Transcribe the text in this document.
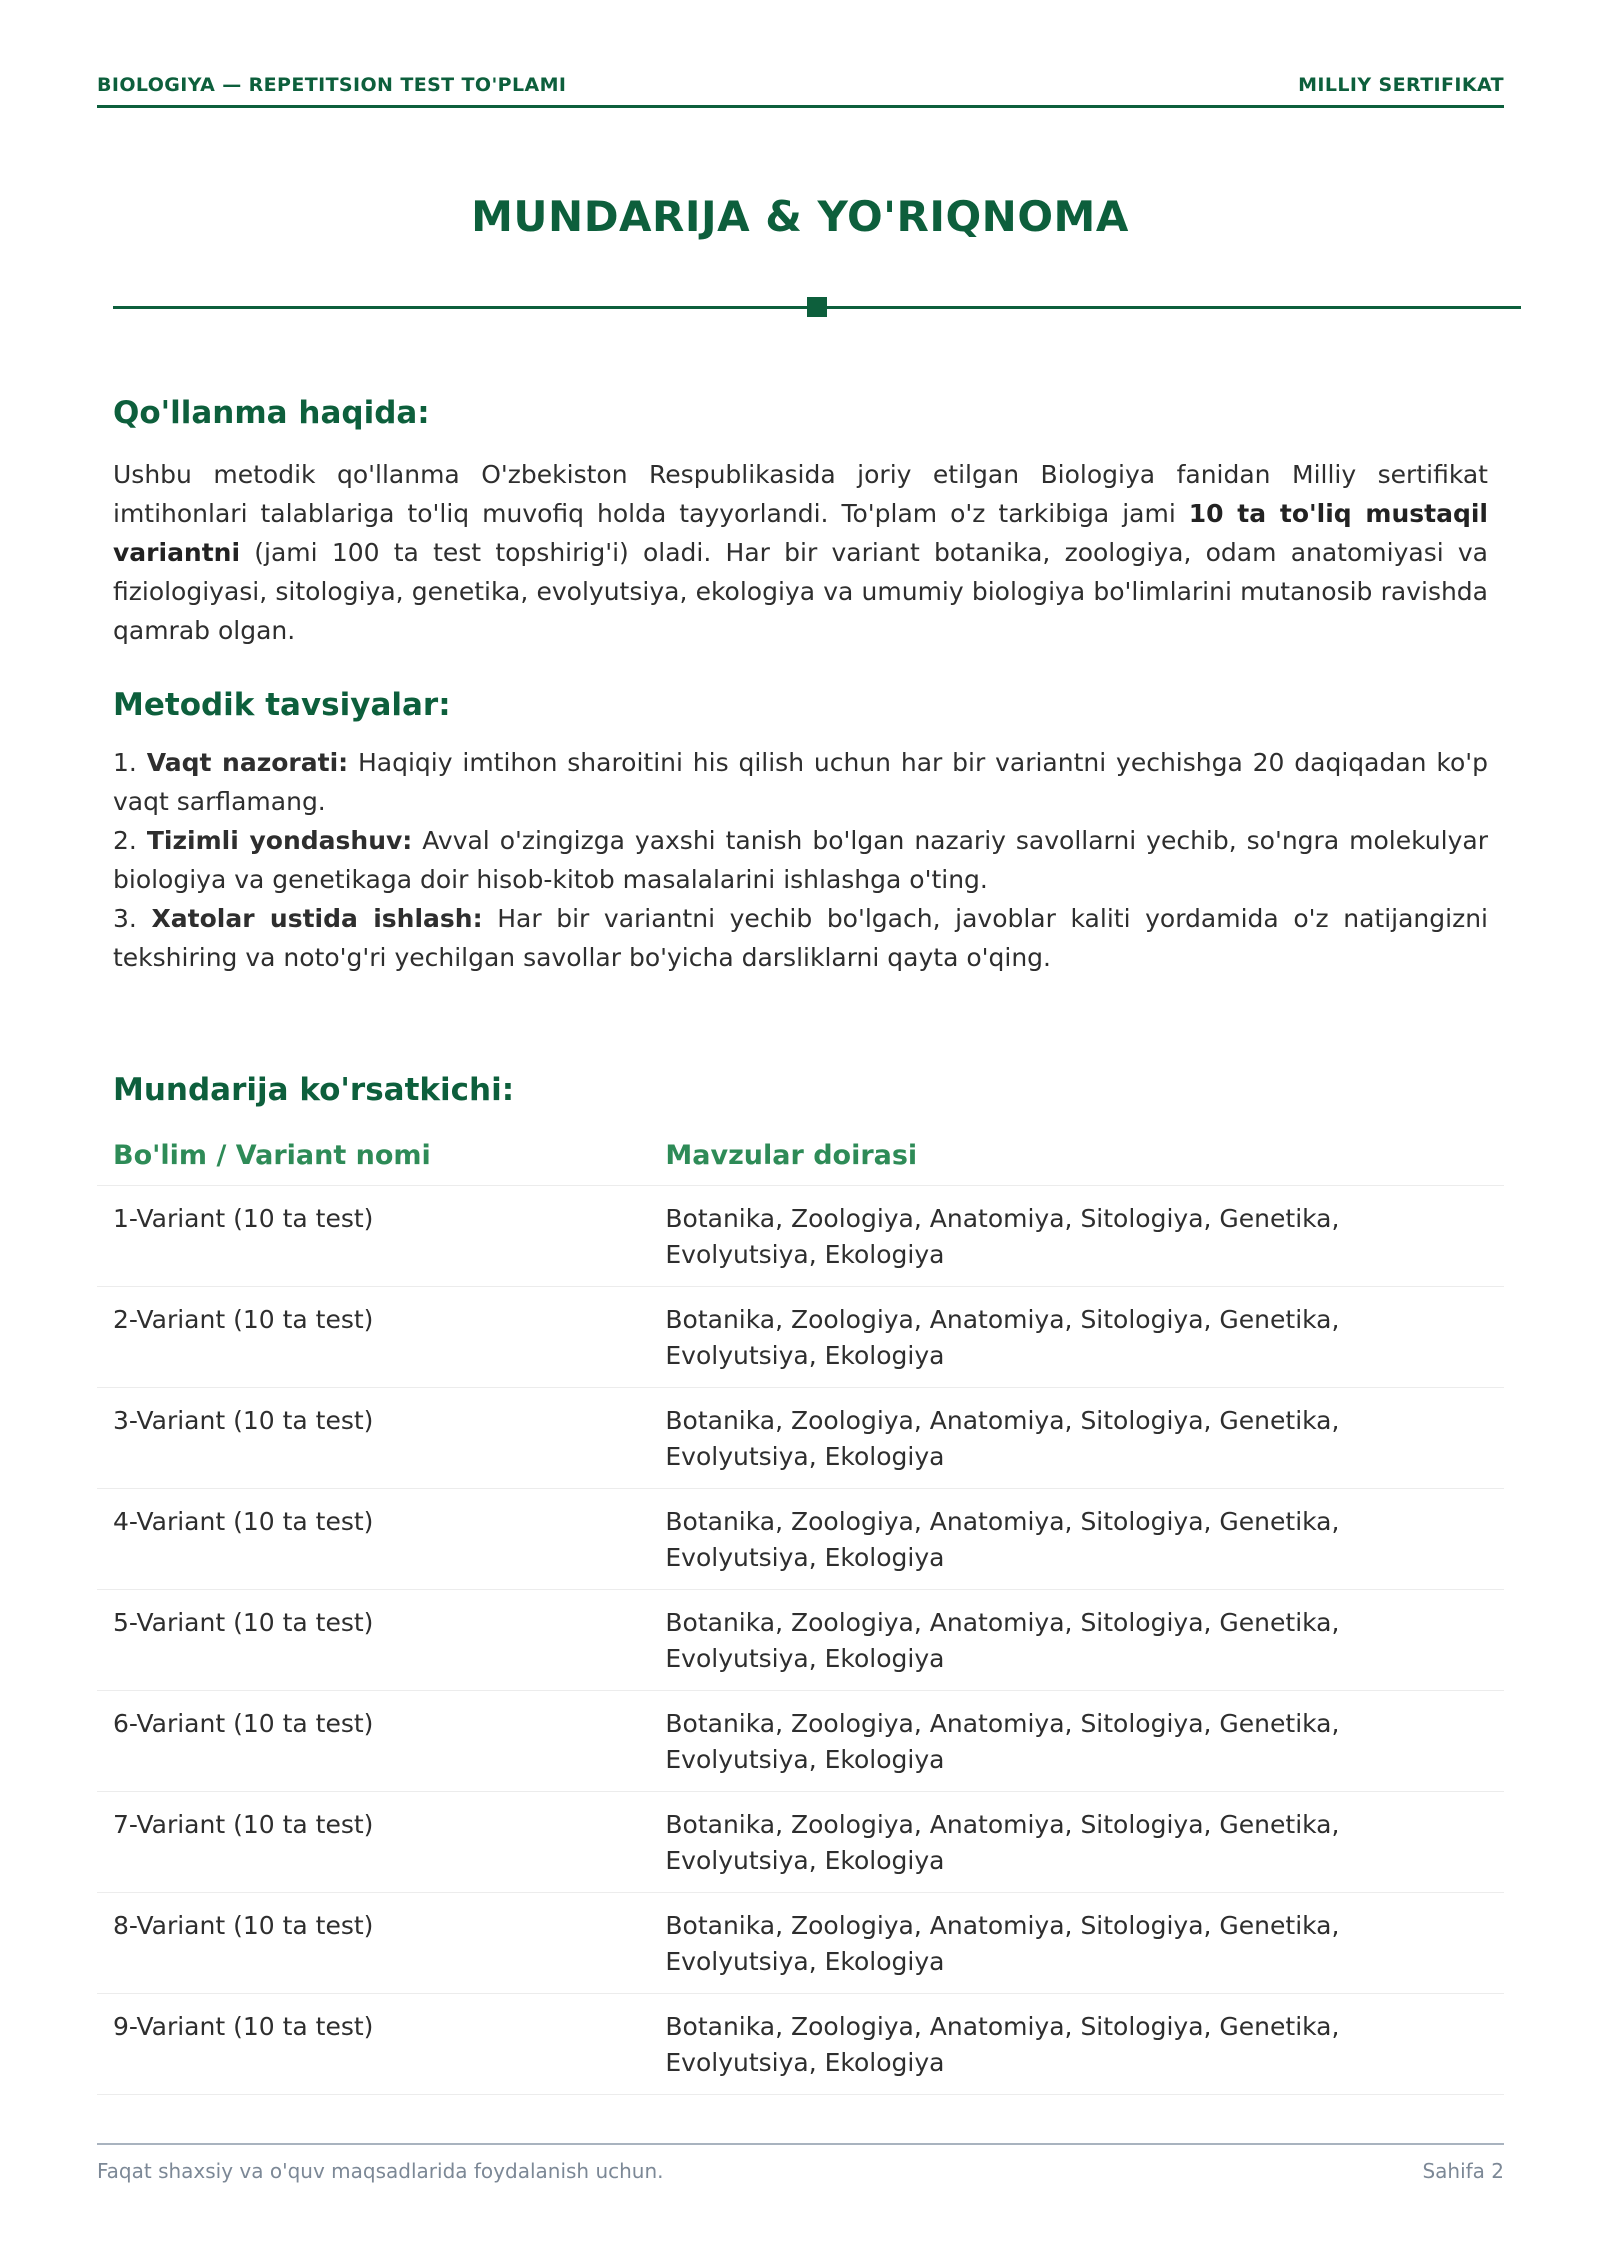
BIOLOGIYA — REPETITSION TEST TO'PLAMI	MILLIY SERTIFIKAT
MUNDARIJA & YO'RIQNOMA
Qo'llanma haqida:

Ushbu metodik qo'llanma O'zbekiston Respublikasida joriy etilgan Biologiya fanidan Milliy sertifikat imtihonlari talablariga to'liq muvofiq holda tayyorlandi. To'plam o'z tarkibiga jami 10 ta to'liq mustaqil variantni (jami 100 ta test topshirig'i) oladi. Har bir variant botanika, zoologiya, odam anatomiyasi va fiziologiyasi, sitologiya, genetika, evolyutsiya, ekologiya va umumiy biologiya bo'limlarini mutanosib ravishda qamrab olgan.

Metodik tavsiyalar:

1. Vaqt nazorati: Haqiqiy imtihon sharoitini his qilish uchun har bir variantni yechishga 20 daqiqadan ko'p vaqt sarflamang.

2. Tizimli yondashuv: Avval o'zingizga yaxshi tanish bo'lgan nazariy savollarni yechib, so'ngra molekulyar biologiya va genetikaga doir hisob-kitob masalalarini ishlashga o'ting.

3. Xatolar ustida ishlash: Har bir variantni yechib bo'lgach, javoblar kaliti yordamida o'z natijangizni tekshiring va noto'g'ri yechilgan savollar bo'yicha darsliklarni qayta o'qing.

Mundarija ko'rsatkichi:
Bo'lim / Variant nomi	Mavzular doirasi
1-Variant (10 ta test)	Botanika, Zoologiya, Anatomiya, Sitologiya, Genetika, Evolyutsiya, Ekologiya
2-Variant (10 ta test)	Botanika, Zoologiya, Anatomiya, Sitologiya, Genetika, Evolyutsiya, Ekologiya
3-Variant (10 ta test)	Botanika, Zoologiya, Anatomiya, Sitologiya, Genetika, Evolyutsiya, Ekologiya
4-Variant (10 ta test)	Botanika, Zoologiya, Anatomiya, Sitologiya, Genetika, Evolyutsiya, Ekologiya
5-Variant (10 ta test)	Botanika, Zoologiya, Anatomiya, Sitologiya, Genetika, Evolyutsiya, Ekologiya
6-Variant (10 ta test)	Botanika, Zoologiya, Anatomiya, Sitologiya, Genetika, Evolyutsiya, Ekologiya
7-Variant (10 ta test)	Botanika, Zoologiya, Anatomiya, Sitologiya, Genetika, Evolyutsiya, Ekologiya
8-Variant (10 ta test)	Botanika, Zoologiya, Anatomiya, Sitologiya, Genetika, Evolyutsiya, Ekologiya
9-Variant (10 ta test)	Botanika, Zoologiya, Anatomiya, Sitologiya, Genetika, Evolyutsiya, Ekologiya
Faqat shaxsiy va o'quv maqsadlarida foydalanish uchun.	Sahifa 2
